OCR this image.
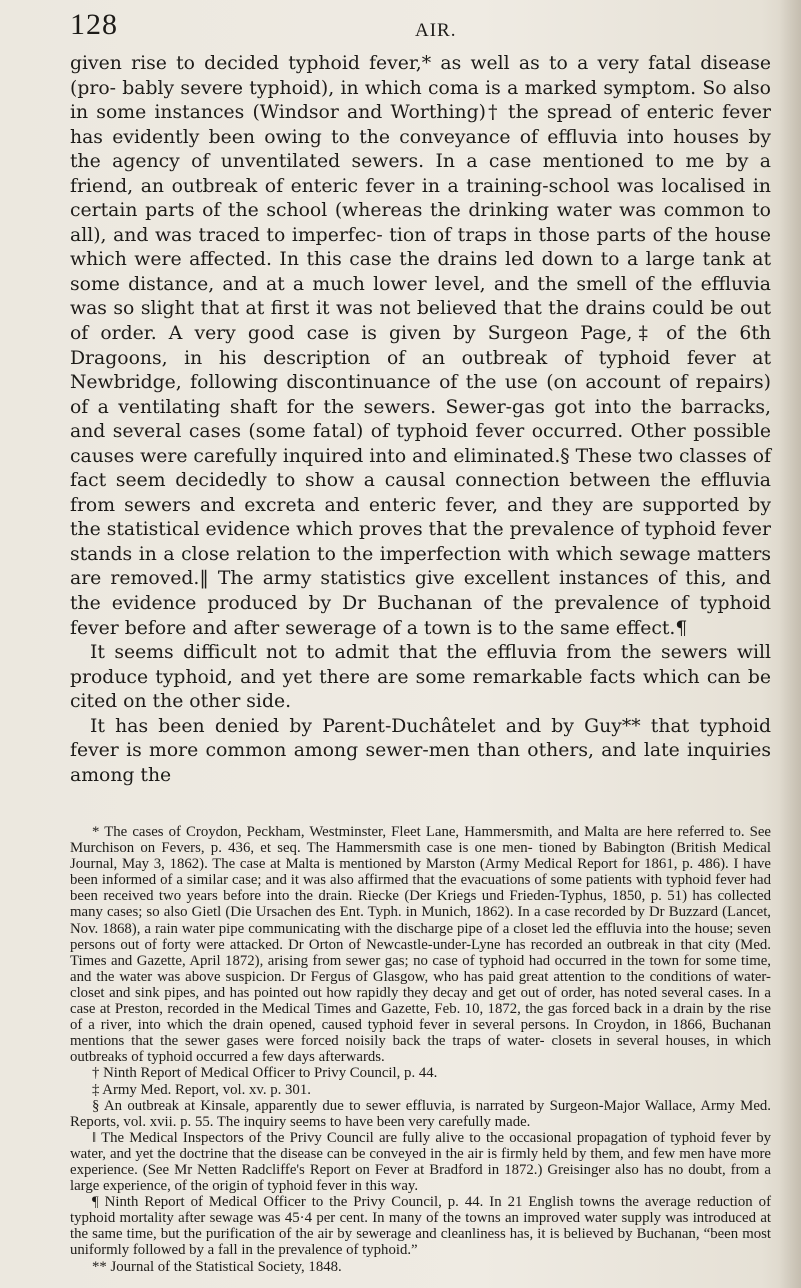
128	AIR.

given rise to decided typhoid fever,* as well as to a very fatal disease (pro- bably severe typhoid), in which coma is a marked symptom. So also in some instances (Windsor and Worthing)† the spread of enteric fever has evidently been owing to the conveyance of effluvia into houses by the agency of unventilated sewers. In a case mentioned to me by a friend, an outbreak of enteric fever in a training-school was localised in certain parts of the school (whereas the drinking water was common to all), and was traced to imperfec- tion of traps in those parts of the house which were affected. In this case the drains led down to a large tank at some distance, and at a much lower level, and the smell of the effluvia was so slight that at first it was not believed that the drains could be out of order. A very good case is given by Surgeon Page,‡ of the 6th Dragoons, in his description of an outbreak of typhoid fever at Newbridge, following discontinuance of the use (on account of repairs) of a ventilating shaft for the sewers. Sewer-gas got into the barracks, and several cases (some fatal) of typhoid fever occurred. Other possible causes were carefully inquired into and eliminated.§ These two classes of fact seem decidedly to show a causal connection between the effluvia from sewers and excreta and enteric fever, and they are supported by the statistical evidence which proves that the prevalence of typhoid fever stands in a close relation to the imperfection with which sewage matters are removed.‖ The army statistics give excellent instances of this, and the evidence produced by Dr Buchanan of the prevalence of typhoid fever before and after sewerage of a town is to the same effect.¶

It seems difficult not to admit that the effluvia from the sewers will produce typhoid, and yet there are some remarkable facts which can be cited on the other side.

It has been denied by Parent-Duchâtelet and by Guy** that typhoid fever is more common among sewer-men than others, and late inquiries among the

* The cases of Croydon, Peckham, Westminster, Fleet Lane, Hammersmith, and Malta are here referred to. See Murchison on Fevers, p. 436, et seq. The Hammersmith case is one men- tioned by Babington (British Medical Journal, May 3, 1862). The case at Malta is mentioned by Marston (Army Medical Report for 1861, p. 486). I have been informed of a similar case; and it was also affirmed that the evacuations of some patients with typhoid fever had been received two years before into the drain. Riecke (Der Kriegs und Frieden-Typhus, 1850, p. 51) has collected many cases; so also Gietl (Die Ursachen des Ent. Typh. in Munich, 1862). In a case recorded by Dr Buzzard (Lancet, Nov. 1868), a rain water pipe communicating with the discharge pipe of a closet led the effluvia into the house; seven persons out of forty were attacked. Dr Orton of Newcastle-under-Lyne has recorded an outbreak in that city (Med. Times and Gazette, April 1872), arising from sewer gas; no case of typhoid had occurred in the town for some time, and the water was above suspicion. Dr Fergus of Glasgow, who has paid great attention to the conditions of water-closet and sink pipes, and has pointed out how rapidly they decay and get out of order, has noted several cases. In a case at Preston, recorded in the Medical Times and Gazette, Feb. 10, 1872, the gas forced back in a drain by the rise of a river, into which the drain opened, caused typhoid fever in several persons. In Croydon, in 1866, Buchanan mentions that the sewer gases were forced noisily back the traps of water- closets in several houses, in which outbreaks of typhoid occurred a few days afterwards.

† Ninth Report of Medical Officer to Privy Council, p. 44.

‡ Army Med. Report, vol. xv. p. 301.

§ An outbreak at Kinsale, apparently due to sewer effluvia, is narrated by Surgeon-Major Wallace, Army Med. Reports, vol. xvii. p. 55. The inquiry seems to have been very carefully made.

‖ The Medical Inspectors of the Privy Council are fully alive to the occasional propagation of typhoid fever by water, and yet the doctrine that the disease can be conveyed in the air is firmly held by them, and few men have more experience. (See Mr Netten Radcliffe's Report on Fever at Bradford in 1872.) Greisinger also has no doubt, from a large experience, of the origin of typhoid fever in this way.

¶ Ninth Report of Medical Officer to the Privy Council, p. 44. In 21 English towns the average reduction of typhoid mortality after sewage was 45·4 per cent. In many of the towns an improved water supply was introduced at the same time, but the purification of the air by sewerage and cleanliness has, it is believed by Buchanan, “been most uniformly followed by a fall in the prevalence of typhoid.”

** Journal of the Statistical Society, 1848.
